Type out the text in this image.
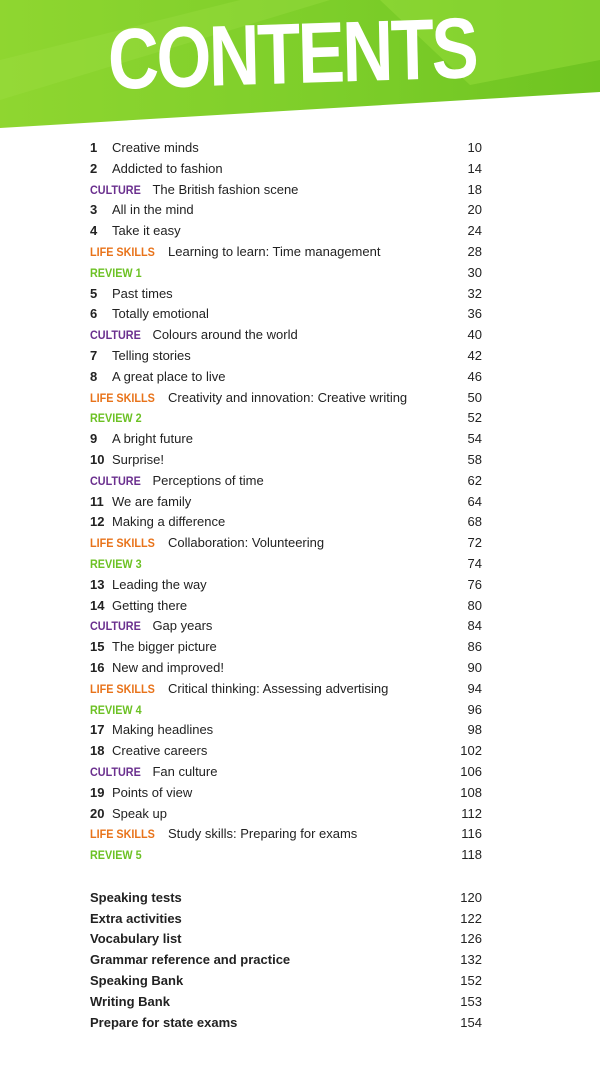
CONTENTS
1 Creative minds	10
2 Addicted to fashion	14
CULTURE The British fashion scene	18
3 All in the mind	20
4 Take it easy	24
LIFE SKILLS Learning to learn: Time management	28
REVIEW 1	30
5 Past times	32
6 Totally emotional	36
CULTURE Colours around the world	40
7 Telling stories	42
8 A great place to live	46
LIFE SKILLS Creativity and innovation: Creative writing	50
REVIEW 2	52
9 A bright future	54
10 Surprise!	58
CULTURE Perceptions of time	62
11 We are family	64
12 Making a difference	68
LIFE SKILLS Collaboration: Volunteering	72
REVIEW 3	74
13 Leading the way	76
14 Getting there	80
CULTURE Gap years	84
15 The bigger picture	86
16 New and improved!	90
LIFE SKILLS Critical thinking: Assessing advertising	94
REVIEW 4	96
17 Making headlines	98
18 Creative careers	102
CULTURE Fan culture	106
19 Points of view	108
20 Speak up	112
LIFE SKILLS Study skills: Preparing for exams	116
REVIEW 5	118
Speaking tests	120
Extra activities	122
Vocabulary list	126
Grammar reference and practice	132
Speaking Bank	152
Writing Bank	153
Prepare for state exams	154
